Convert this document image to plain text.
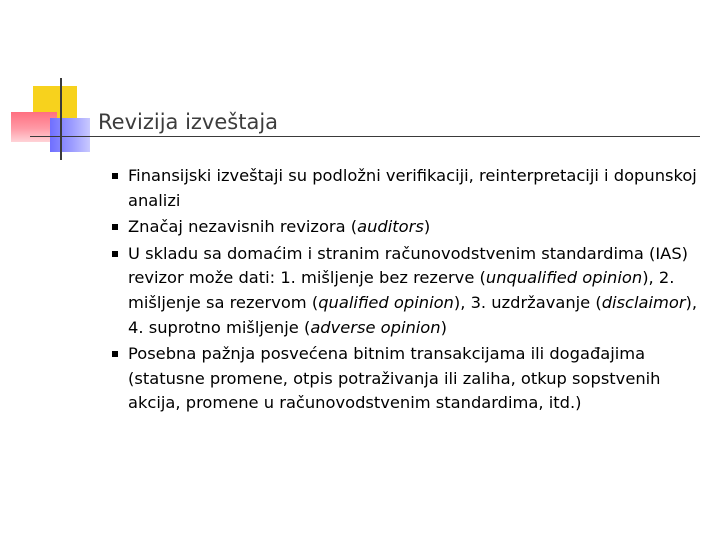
Revizija izveštaja
Finansijski izveštaji su podložni verifikaciji, reinterpretaciji i dopunskoj analizi
Značaj nezavisnih revizora (auditors)
U skladu sa domaćim i stranim računovodstvenim standardima (IAS) revizor može dati: 1. mišljenje bez rezerve (unqualified opinion), 2. mišljenje sa rezervom (qualified opinion), 3. uzdržavanje (disclaimor), 4. suprotno mišljenje (adverse opinion)
Posebna pažnja posvećena bitnim transakcijama ili događajima (statusne promene, otpis potraživanja ili zaliha, otkup sopstvenih akcija, promene u računovodstvenim standardima, itd.)
